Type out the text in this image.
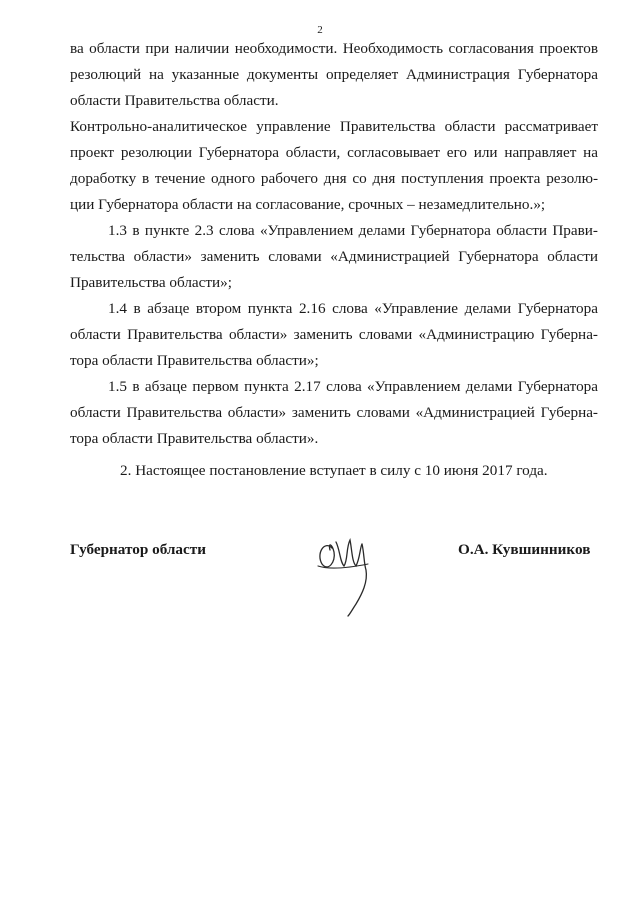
2
ва области при наличии необходимости. Необходимость согласования проектов
резолюций на указанные документы определяет Администрация Губернатора
области Правительства области.
Контрольно-аналитическое управление Правительства области рассматривает
проект резолюции Губернатора области, согласовывает его или направляет на
доработку в течение одного рабочего дня со дня поступления проекта резолю-
ции Губернатора области на согласование, срочных – незамедлительно.»;
1.3 в пункте 2.3 слова «Управлением делами Губернатора области Прави-
тельства области» заменить словами «Администрацией Губернатора области
Правительства области»;
1.4 в абзаце втором пункта 2.16 слова «Управление делами Губернатора
области Правительства области» заменить словами «Администрацию Губерна-
тора области Правительства области»;
1.5 в абзаце первом пункта 2.17 слова «Управлением делами Губернатора
области Правительства области» заменить словами «Администрацией Губерна-
тора области Правительства области».
2. Настоящее постановление вступает в силу с 10 июня 2017 года.
Губернатор области	О.А. Кувшинников
